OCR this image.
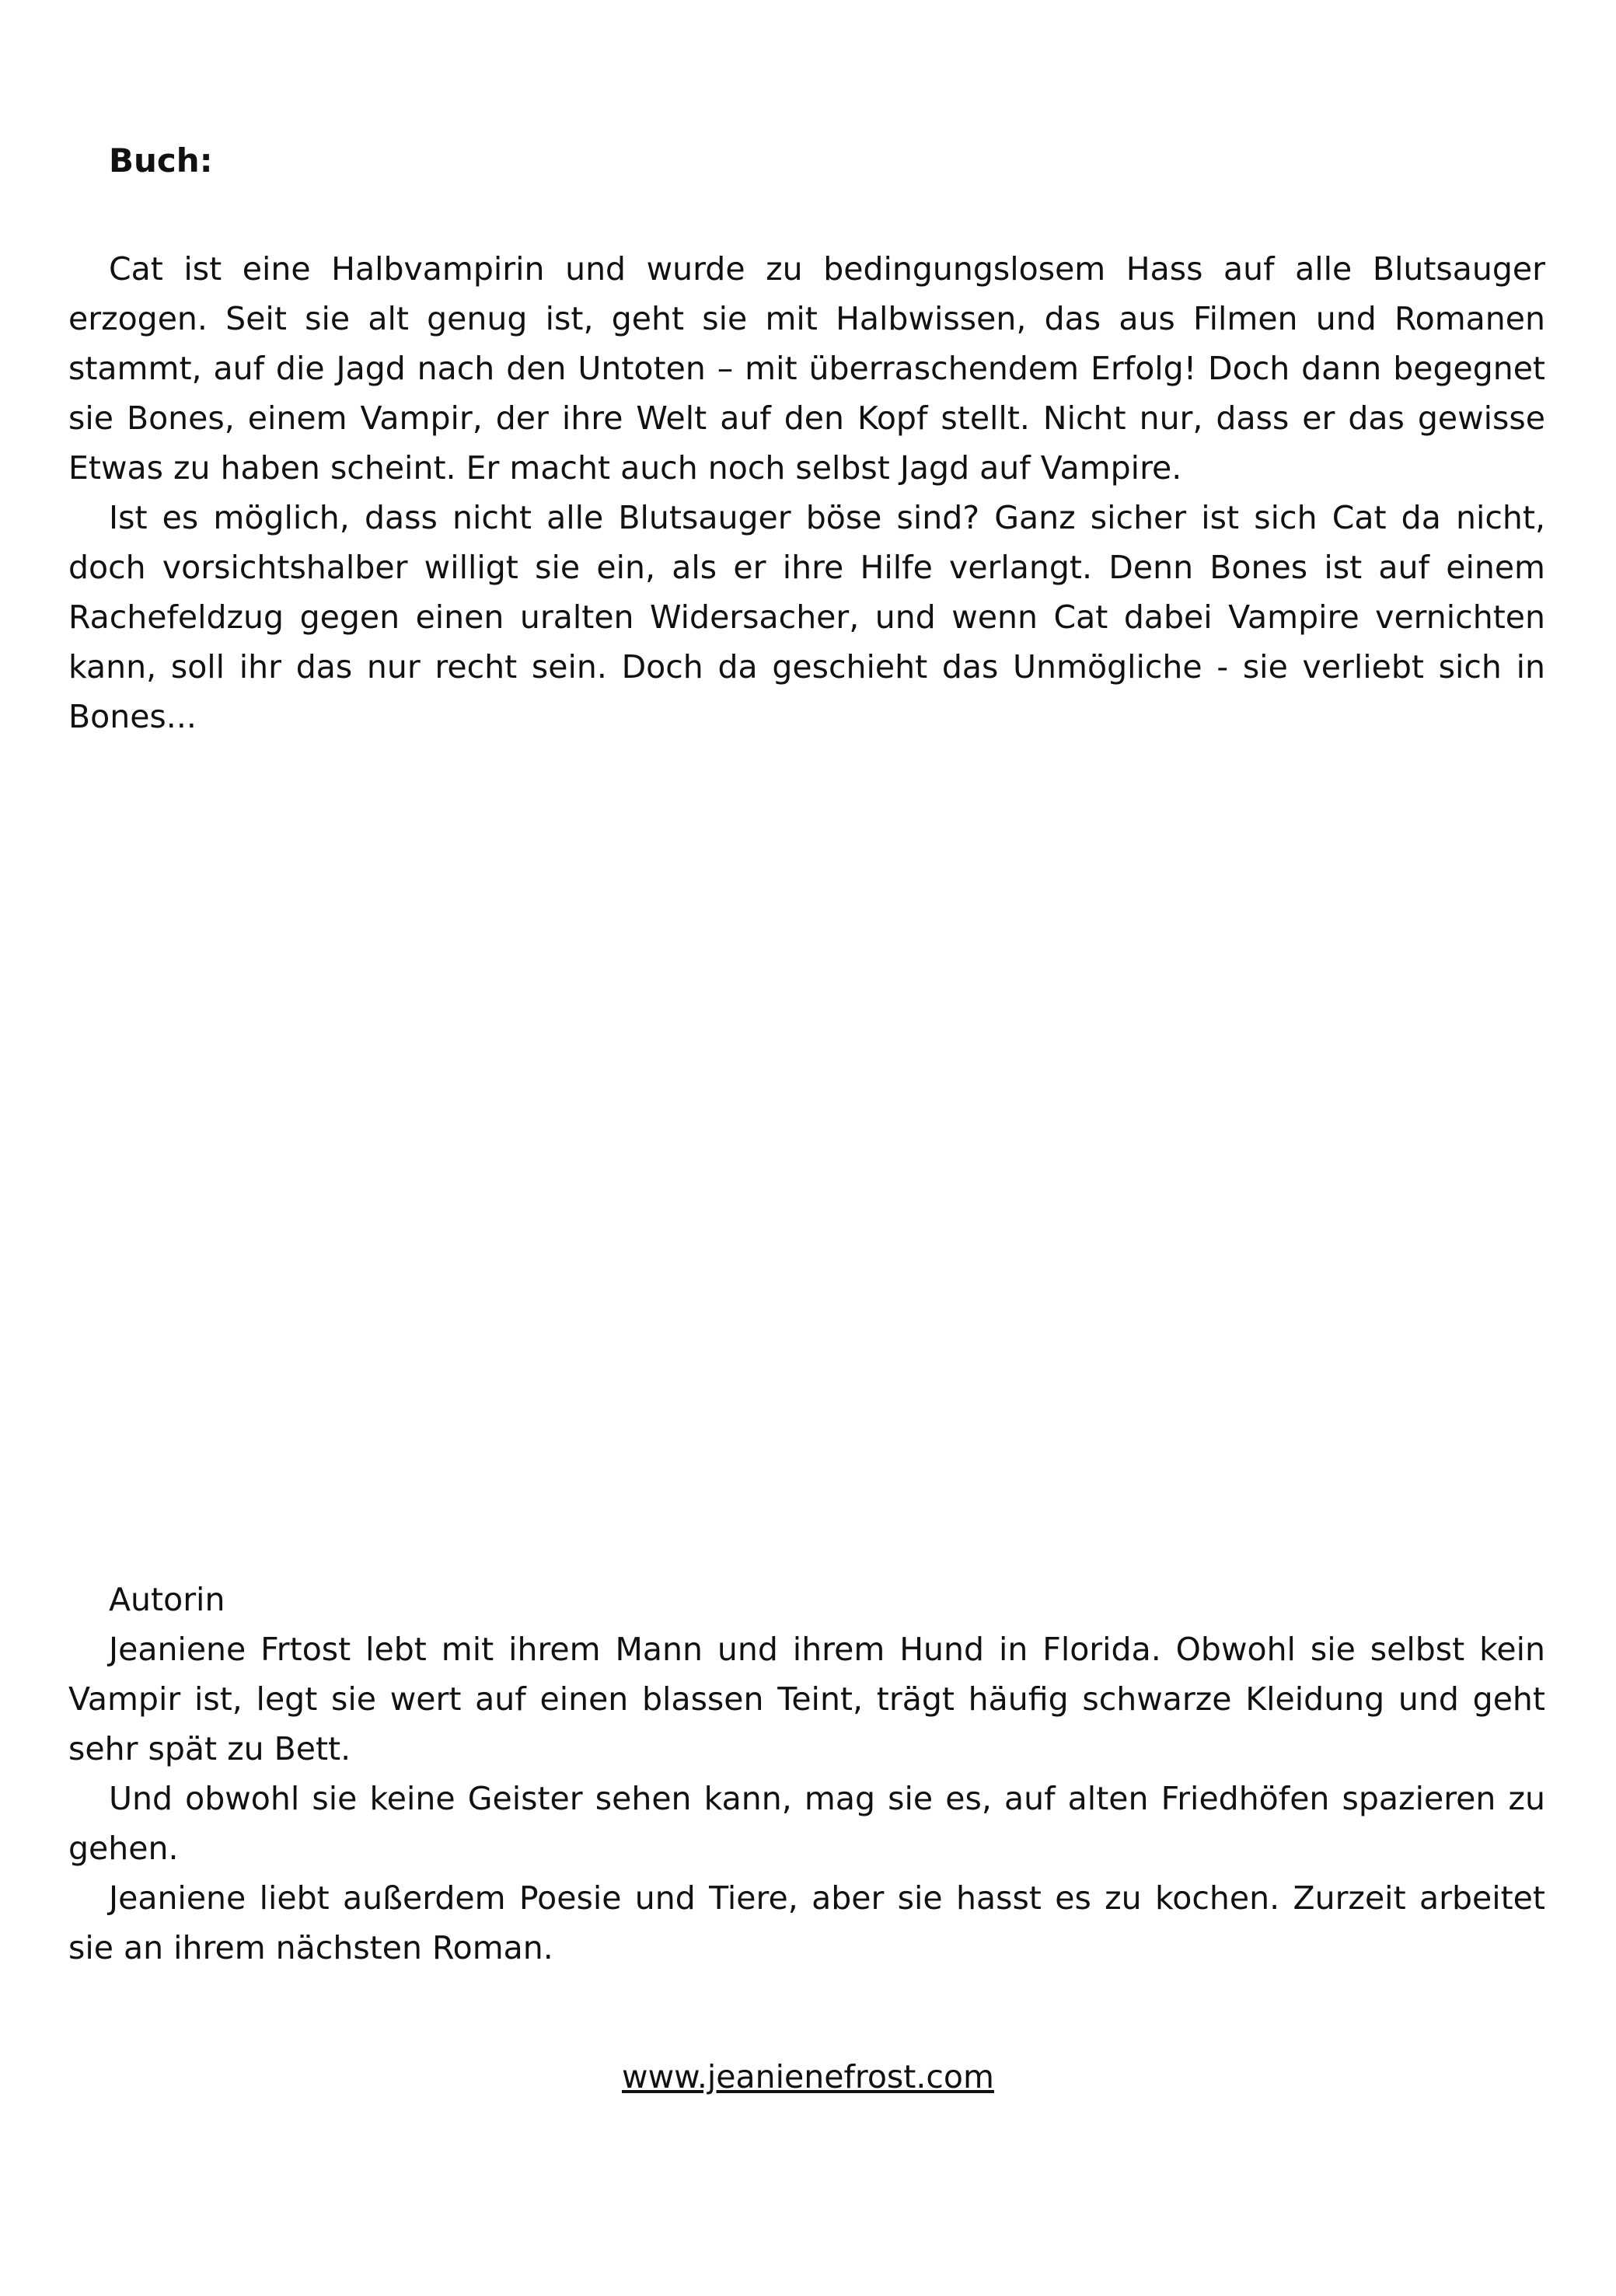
Buch:

Cat ist eine Halbvampirin und wurde zu bedingungslosem Hass auf alle Blutsauger erzogen. Seit sie alt genug ist, geht sie mit Halbwissen, das aus Filmen und Romanen stammt, auf die Jagd nach den Untoten – mit überraschendem Erfolg! Doch dann begegnet sie Bones, einem Vampir, der ihre Welt auf den Kopf stellt. Nicht nur, dass er das gewisse Etwas zu haben scheint. Er macht auch noch selbst Jagd auf Vampire.

Ist es möglich, dass nicht alle Blutsauger böse sind? Ganz sicher ist sich Cat da nicht, doch vorsichtshalber willigt sie ein, als er ihre Hilfe verlangt. Denn Bones ist auf einem Rachefeldzug gegen einen uralten Widersacher, und wenn Cat dabei Vampire vernichten kann, soll ihr das nur recht sein. Doch da geschieht das Unmögliche - sie verliebt sich in Bones...

Autorin

Jeaniene Frtost lebt mit ihrem Mann und ihrem Hund in Florida. Obwohl sie selbst kein Vampir ist, legt sie wert auf einen blassen Teint, trägt häufig schwarze Kleidung und geht sehr spät zu Bett.

Und obwohl sie keine Geister sehen kann, mag sie es, auf alten Friedhöfen spazieren zu gehen.

Jeaniene liebt außerdem Poesie und Tiere, aber sie hasst es zu kochen. Zurzeit arbeitet sie an ihrem nächsten Roman.

www.jeanienefrost.com
